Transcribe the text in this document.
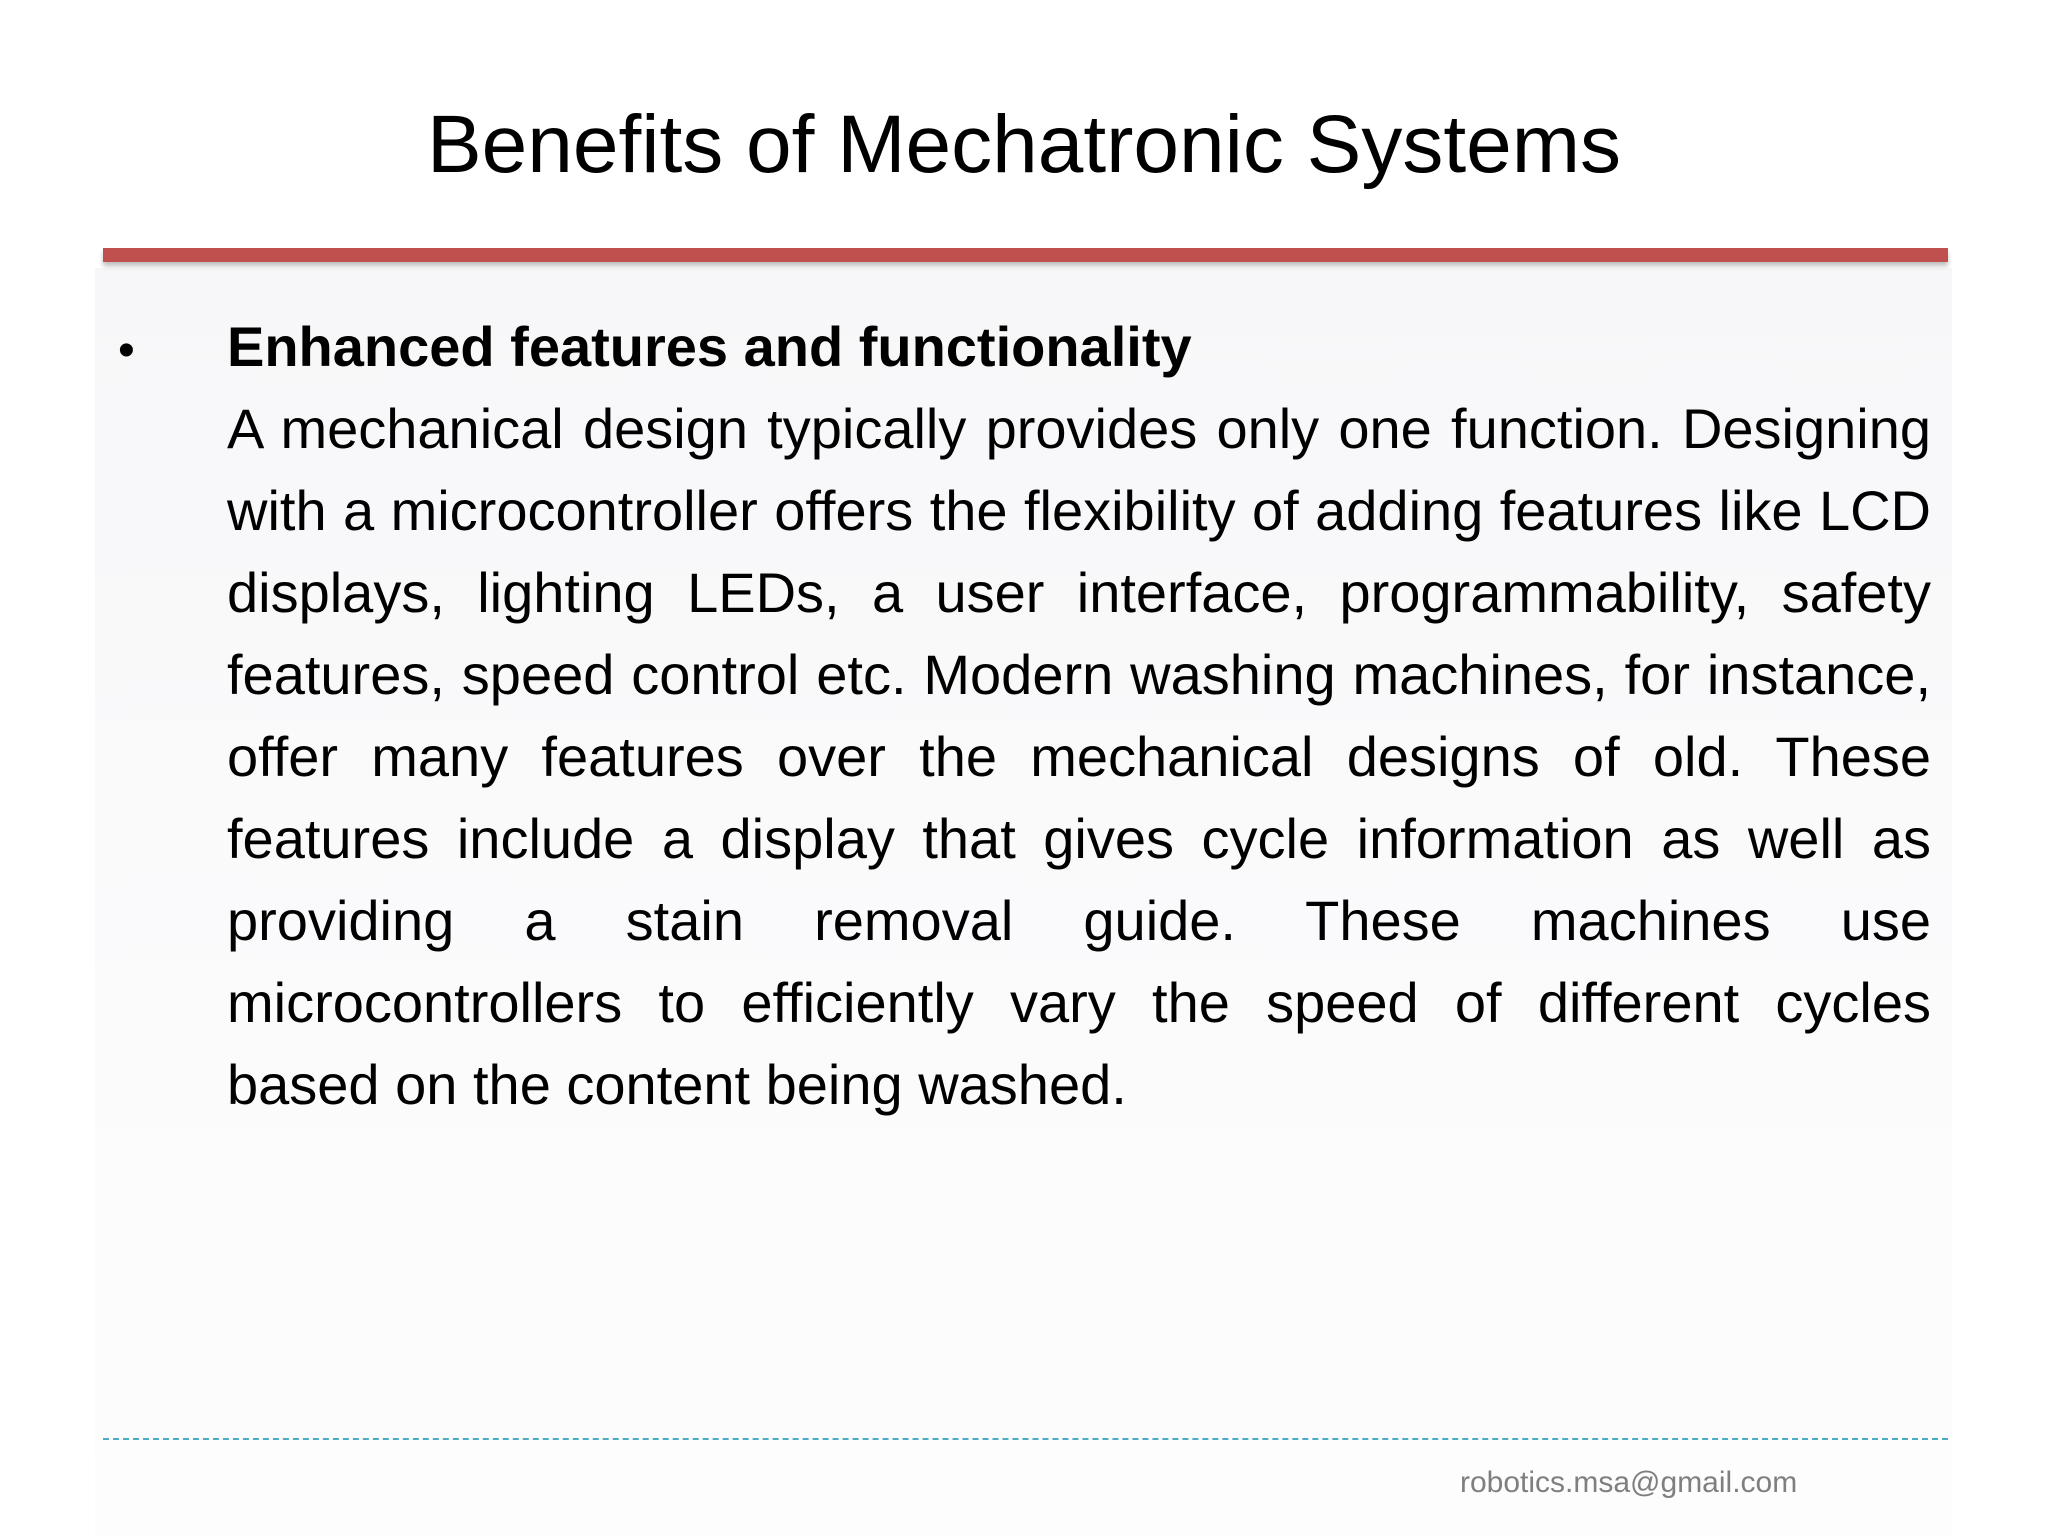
Benefits of Mechatronic Systems
• Enhanced features and functionality
A mechanical design typically provides only one function. Designing with a microcontroller offers the flexibility of adding features like LCD displays, lighting LEDs, a user interface, programmability, safety features, speed control etc. Modern washing machines, for instance, offer many features over the mechanical designs of old. These features include a display that gives cycle information as well as providing a stain removal guide. These machines use microcontrollers to efficiently vary the speed of different cycles based on the content being washed.
robotics.msa@gmail.com
